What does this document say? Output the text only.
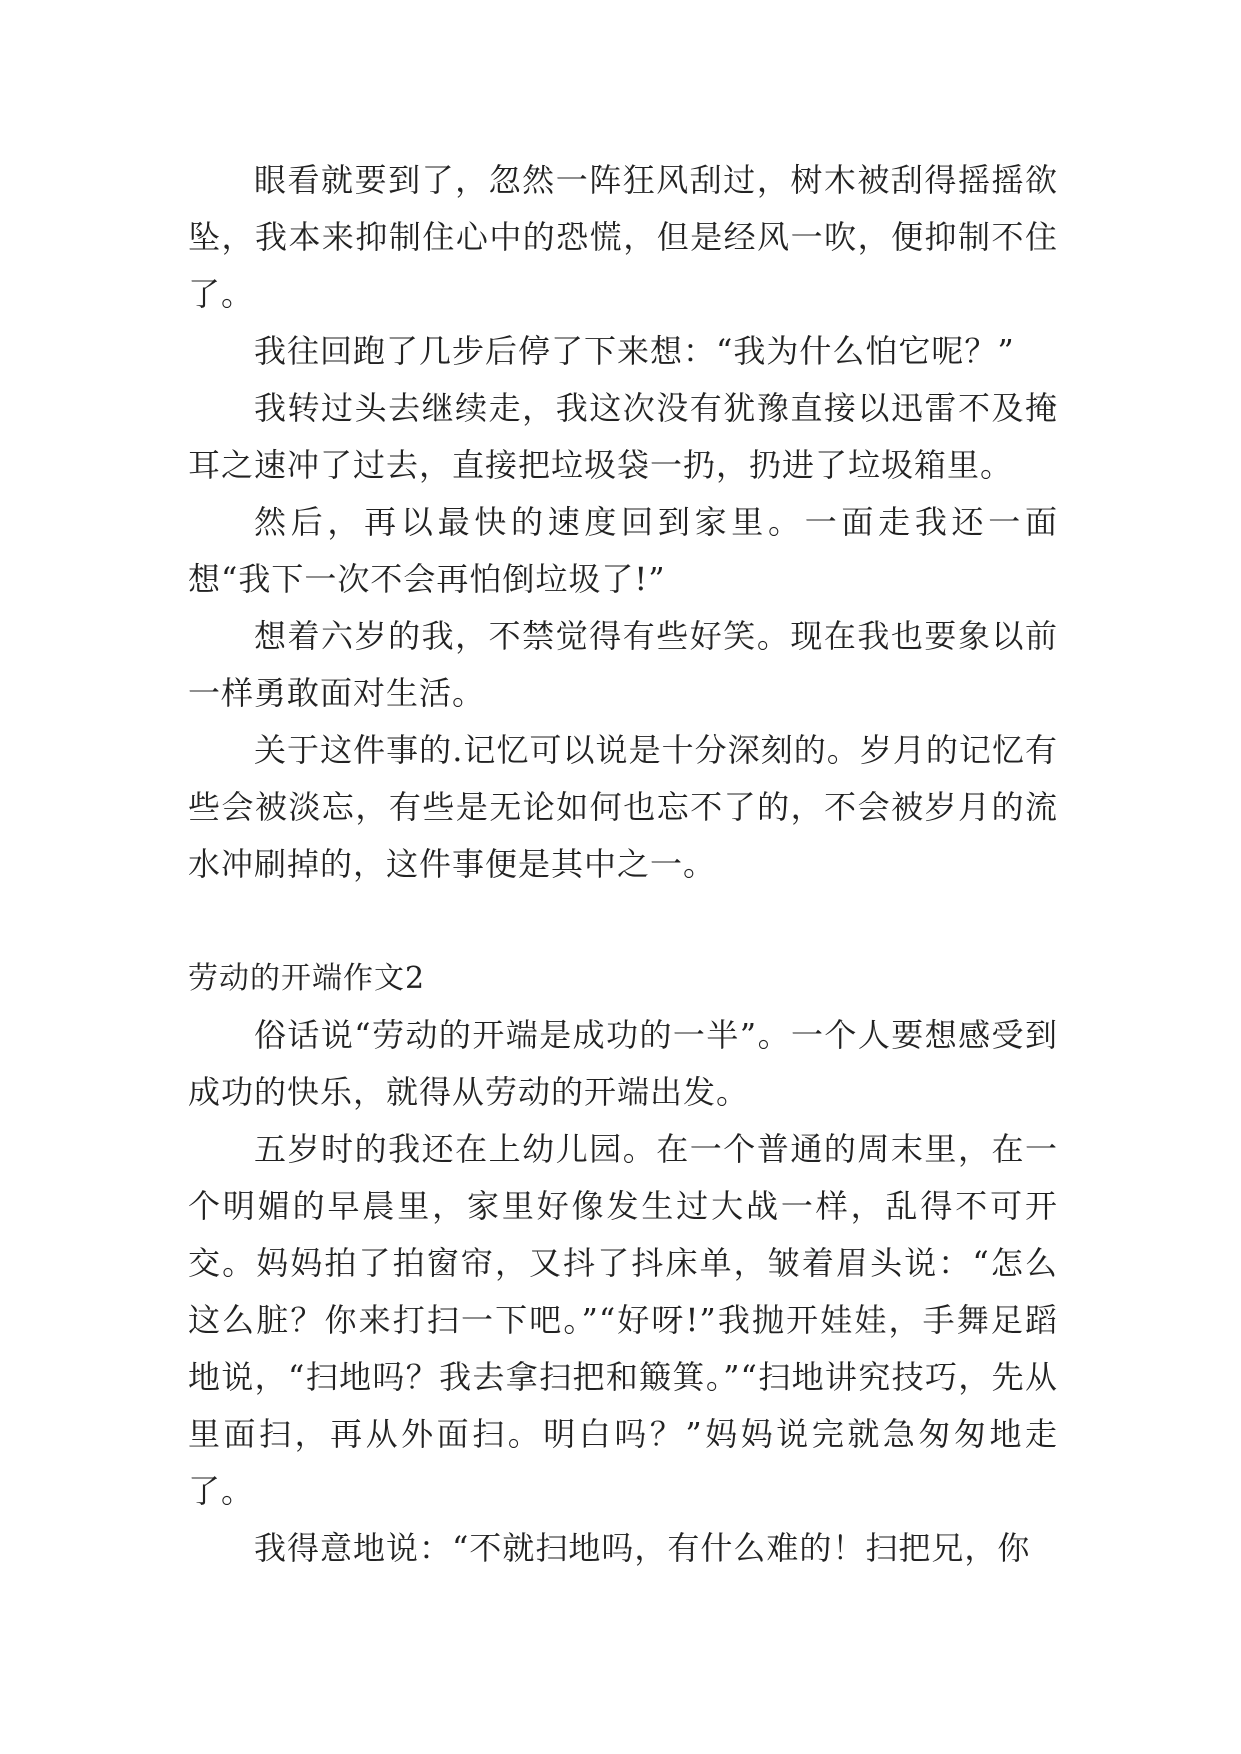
眼看就要到了，忽然一阵狂风刮过，树木被刮得摇摇欲坠，我本来抑制住心中的恐慌，但是经风一吹，便抑制不住了。

我往回跑了几步后停了下来想：“我为什么怕它呢？”

我转过头去继续走，我这次没有犹豫直接以迅雷不及掩耳之速冲了过去，直接把垃圾袋一扔，扔进了垃圾箱里。

然后，再以最快的速度回到家里。一面走我还一面想“我下一次不会再怕倒垃圾了!”

想着六岁的我，不禁觉得有些好笑。现在我也要象以前一样勇敢面对生活。

关于这件事的.记忆可以说是十分深刻的。岁月的记忆有些会被淡忘，有些是无论如何也忘不了的，不会被岁月的流水冲刷掉的，这件事便是其中之一。

劳动的开端作文2

俗话说“劳动的开端是成功的一半”。一个人要想感受到成功的快乐，就得从劳动的开端出发。

五岁时的我还在上幼儿园。在一个普通的周末里，在一个明媚的早晨里，家里好像发生过大战一样，乱得不可开交。妈妈拍了拍窗帘，又抖了抖床单，皱着眉头说：“怎么这么脏？你来打扫一下吧。”“好呀!”我抛开娃娃，手舞足蹈地说，“扫地吗？我去拿扫把和簸箕。”“扫地讲究技巧，先从里面扫，再从外面扫。明白吗？”妈妈说完就急匆匆地走了。

我得意地说：“不就扫地吗，有什么难的！扫把兄，你
